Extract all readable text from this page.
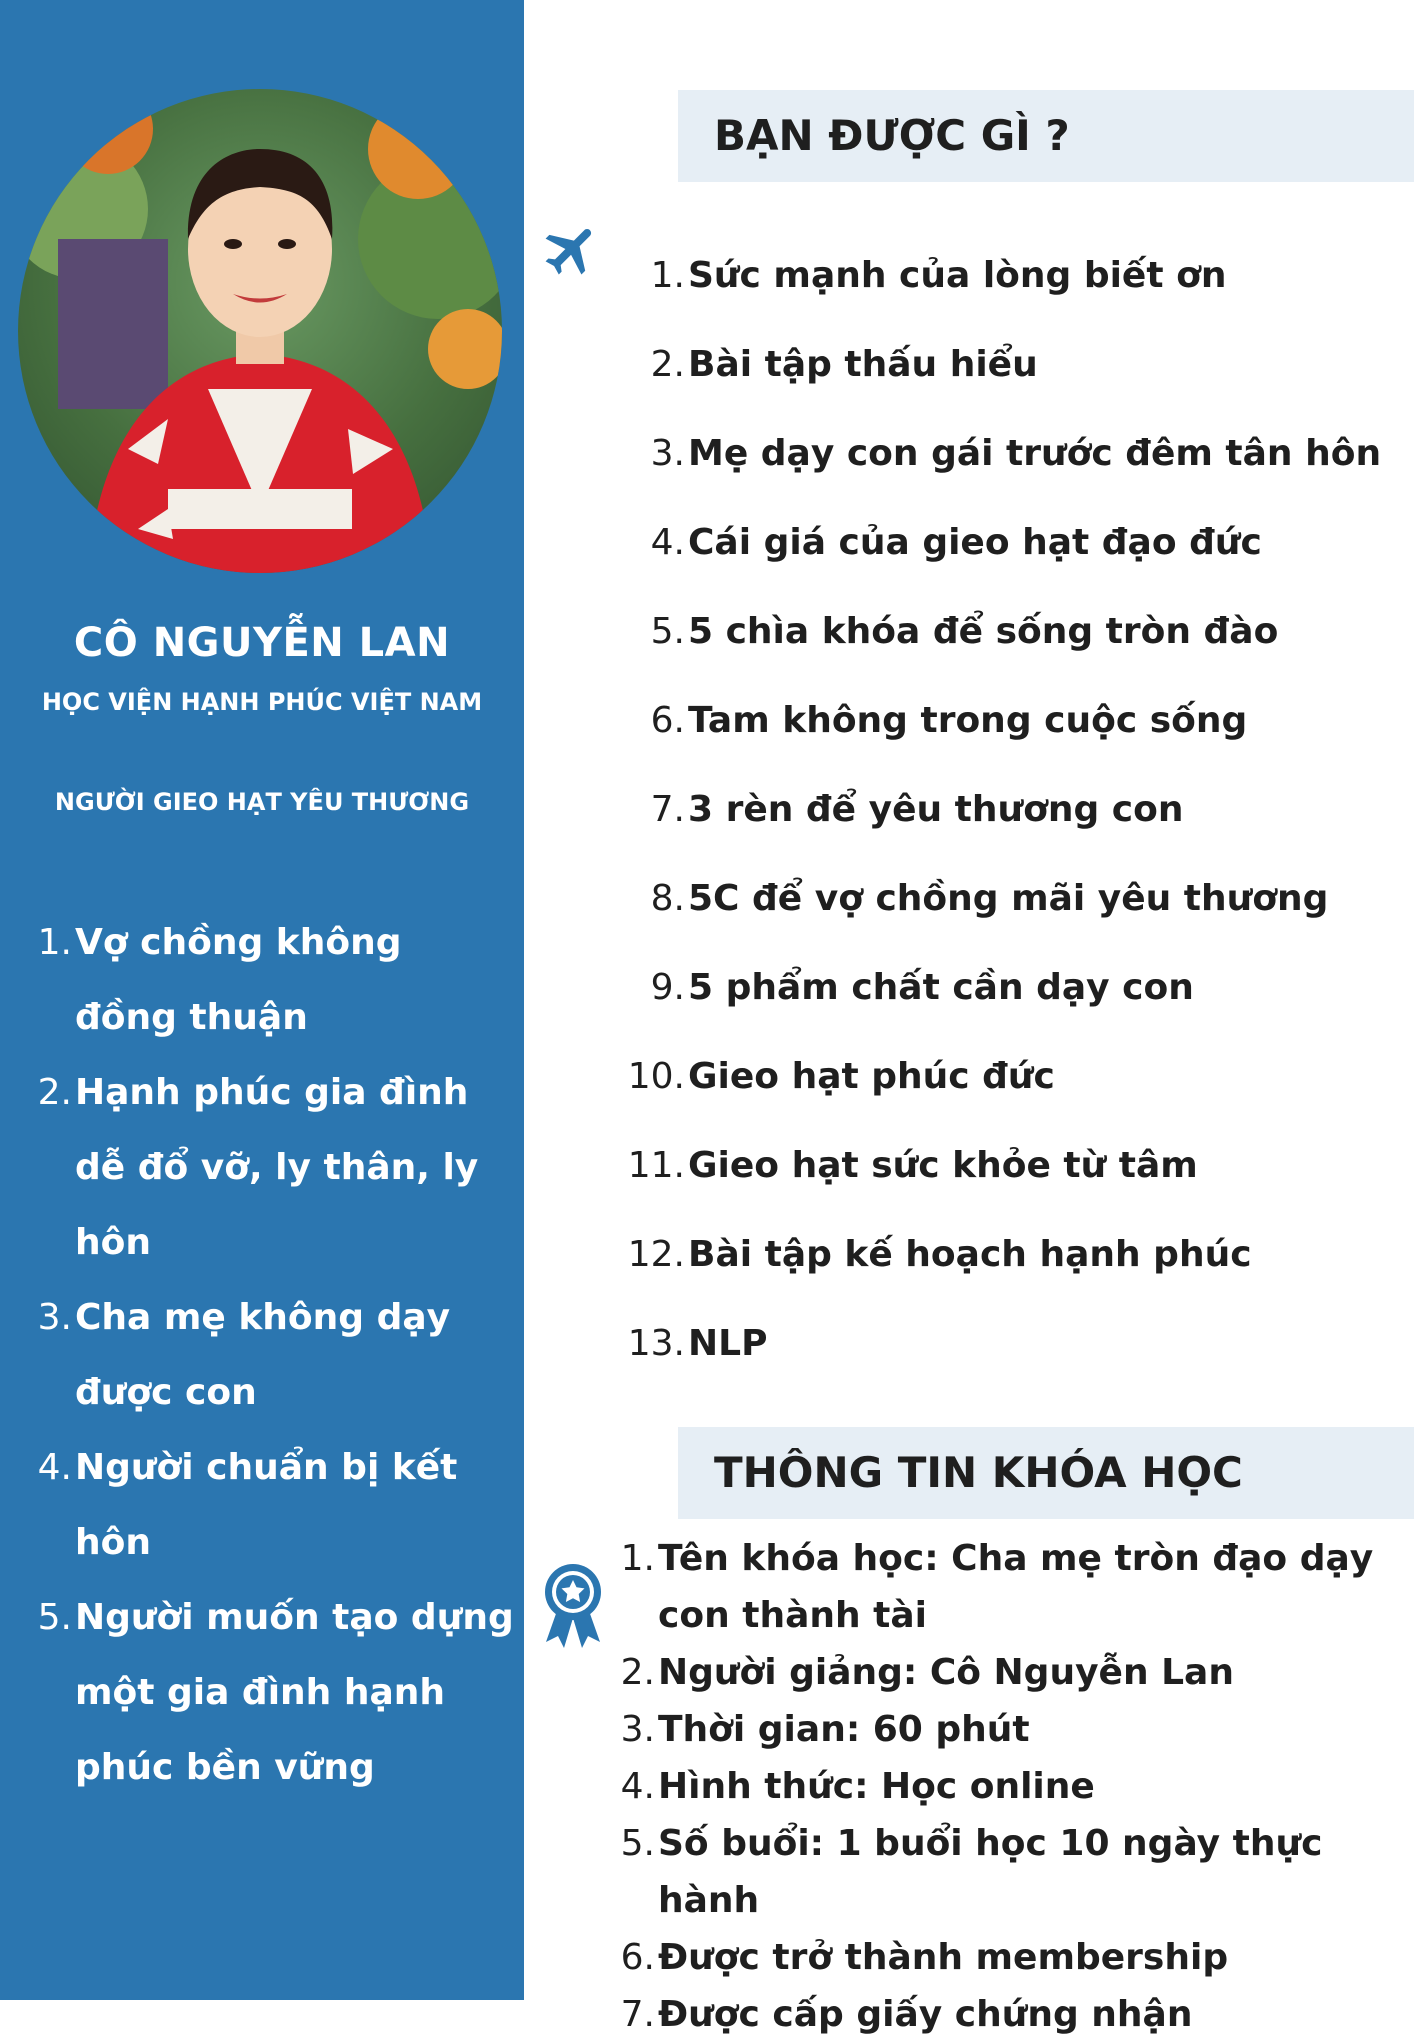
CÔ NGUYỄN LAN
HỌC VIỆN HẠNH PHÚC VIỆT NAM
NGƯỜI GIEO HẠT YÊU THƯƠNG
1. Vợ chồng không đồng thuận
2. Hạnh phúc gia đình dễ đổ vỡ, ly thân, ly hôn
3. Cha mẹ không dạy được con
4. Người chuẩn bị kết hôn
5. Người muốn tạo dựng một gia đình hạnh phúc bền vững
BẠN ĐƯỢC GÌ ?
1. Sức mạnh của lòng biết ơn
2. Bài tập thấu hiểu
3. Mẹ dạy con gái trước đêm tân hôn
4. Cái giá của gieo hạt đạo đức
5. 5 chìa khóa để sống tròn đào
6. Tam không trong cuộc sống
7. 3 rèn để yêu thương con
8. 5C để vợ chồng mãi yêu thương
9. 5 phẩm chất cần dạy con
10. Gieo hạt phúc đức
11. Gieo hạt sức khỏe từ tâm
12. Bài tập kế hoạch hạnh phúc
13. NLP
THÔNG TIN KHÓA HỌC
1. Tên khóa học: Cha mẹ tròn đạo dạy con thành tài
2. Người giảng: Cô Nguyễn Lan
3. Thời gian: 60 phút
4. Hình thức: Học online
5. Số buổi: 1 buổi học 10 ngày thực hành
6. Được trở thành membership
7. Được cấp giấy chứng nhận
